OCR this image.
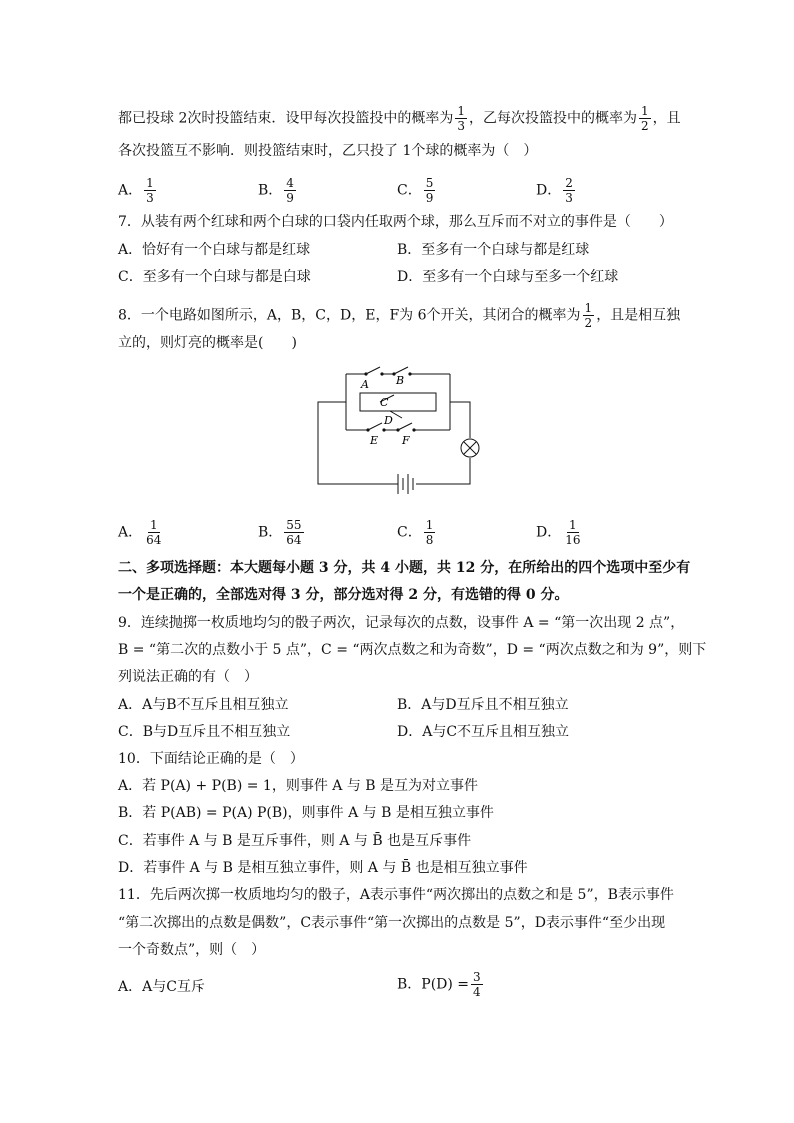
都已投球 2次时投篮结束．设甲每次投篮投中的概率为 $\frac{1}{3}$ ，乙每次投篮投中的概率为 $\frac{1}{2}$ ，且
各次投篮互不影响．则投篮结束时，乙只投了 1个球的概率为（　）
A． $\frac{1}{3}$	B． $\frac{4}{9}$	C． $\frac{5}{9}$	D． $\frac{2}{3}$
7．从装有两个红球和两个白球的口袋内任取两个球，那么互斥而不对立的事件是（　　）
A．恰好有一个白球与都是红球	B．至多有一个白球与都是红球
C．至多有一个白球与都是白球	D．至多有一个白球与至多一个红球
8．一个电路如图所示，A，B，C，D，E，F为 6个开关，其闭合的概率为 $\frac{1}{2}$ ，且是相互独
立的，则灯亮的概率是(　　)
A B
C
D
E F
A． $\frac{1}{64}$	B． $\frac{55}{64}$	C． $\frac{1}{8}$	D． $\frac{1}{16}$
二、多项选择题：本大题每小题 3 分，共 4 小题，共 12 分，在所给出的四个选项中至少有
一个是正确的，全部选对得 3 分，部分选对得 2 分，有选错的得 0 分。
9．连续抛掷一枚质地均匀的骰子两次，记录每次的点数，设事件 A = “第一次出现 2 点”，
B = “第二次的点数小于 5 点”，C = “两次点数之和为奇数”，D = “两次点数之和为 9”，则下
列说法正确的有（　）
A．A与B不互斥且相互独立	B．A与D互斥且不相互独立
C．B与D互斥且不相互独立	D．A与C不互斥且相互独立
10．下面结论正确的是（　）
A．若 P(A) + P(B) = 1，则事件 A 与 B 是互为对立事件
B．若 P(AB) = P(A) P(B)，则事件 A 与 B 是相互独立事件
C．若事件 A 与 B 是互斥事件，则 A 与 B̄ 也是互斥事件
D．若事件 A 与 B 是相互独立事件，则 A 与 B̄ 也是相互独立事件
11．先后两次掷一枚质地均匀的骰子，A表示事件“两次掷出的点数之和是 5”，B表示事件
“第二次掷出的点数是偶数”，C表示事件“第一次掷出的点数是 5”，D表示事件“至少出现
一个奇数点”，则（　）
A．A与C互斥	B．$P(D) = \frac{3}{4}$
